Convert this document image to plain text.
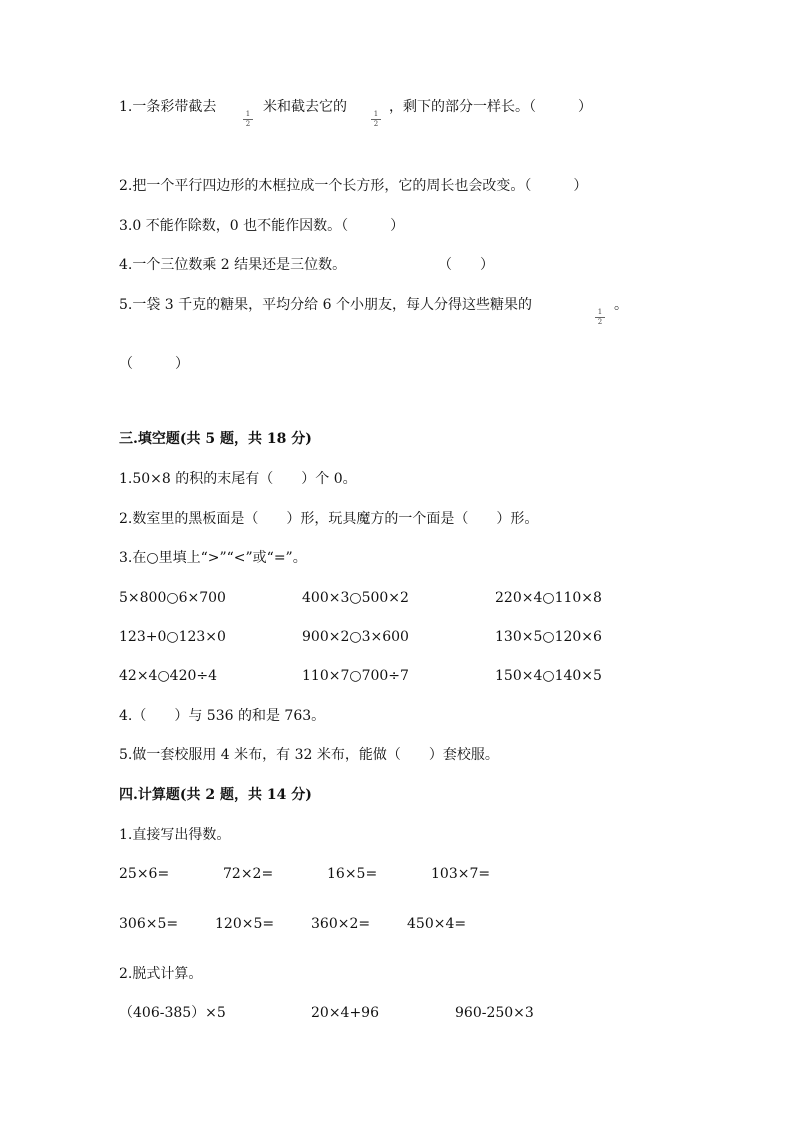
1.一条彩带截去
$\frac{1}{2}$
米和截去它的
$\frac{1}{2}$
，剩下的部分一样长。（　　　）
2.把一个平行四边形的木框拉成一个长方形，它的周长也会改变。（　　　）
3.0 不能作除数，0 也不能作因数。（　　　）
4.一个三位数乘 2 结果还是三位数。	（　　）
5.一袋 3 千克的糖果，平均分给 6 个小朋友，每人分得这些糖果的
$\frac{1}{2}$
。
（　　　）
三.填空题(共 5 题，共 18 分)
1.50×8 的积的末尾有（　　）个 0。
2.数室里的黑板面是（　　）形，玩具魔方的一个面是（　　）形。
3.在○里填上“>”“<”或“=”。
5×800○6×700	400×3○500×2	220×4○110×8
123+0○123×0	900×2○3×600	130×5○120×6
42×4○420÷4	110×7○700÷7	150×4○140×5
4.（　　）与 536 的和是 763。
5.做一套校服用 4 米布，有 32 米布，能做（　　）套校服。
四.计算题(共 2 题，共 14 分)
1.直接写出得数。
25×6=	72×2=	16×5=	103×7=
306×5=	120×5=	360×2=	450×4=
2.脱式计算。
（406-385）×5	20×4+96	960-250×3
